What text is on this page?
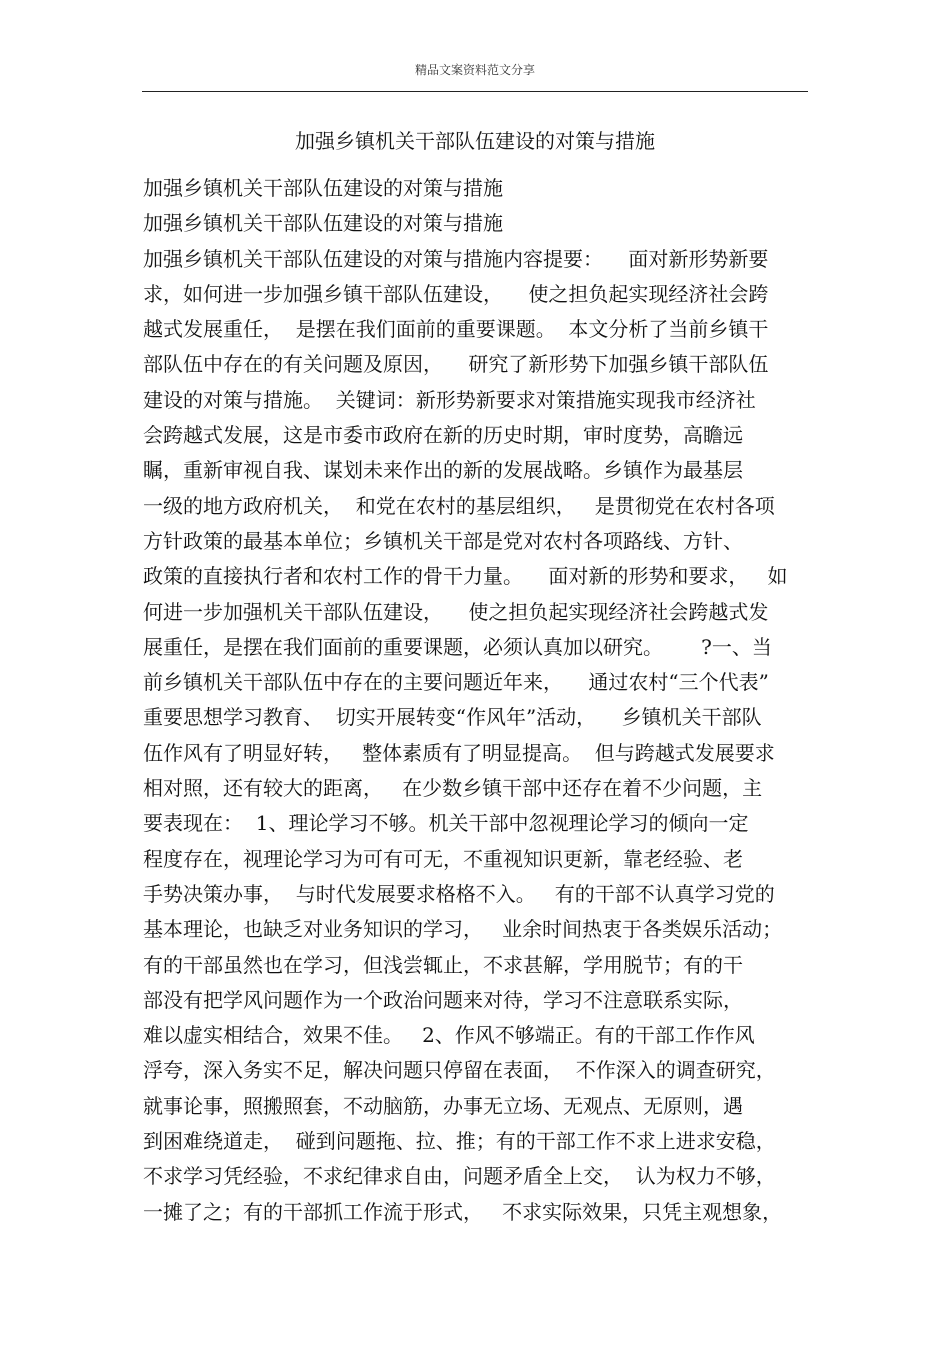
精品文案资料范文分享
加强乡镇机关干部队伍建设的对策与措施
加强乡镇机关干部队伍建设的对策与措施
加强乡镇机关干部队伍建设的对策与措施
加强乡镇机关干部队伍建设的对策与措施内容提要：    面对新形势新要
求，如何进一步加强乡镇干部队伍建设，    使之担负起实现经济社会跨
越式发展重任，  是摆在我们面前的重要课题。  本文分析了当前乡镇干
部队伍中存在的有关问题及原因，    研究了新形势下加强乡镇干部队伍
建设的对策与措施。  关键词：新形势新要求对策措施实现我市经济社
会跨越式发展，这是市委市政府在新的历史时期，审时度势，高瞻远
瞩，重新审视自我、谋划未来作出的新的发展战略。乡镇作为最基层
一级的地方政府机关，  和党在农村的基层组织，   是贯彻党在农村各项
方针政策的最基本单位；乡镇机关干部是党对农村各项路线、方针、
政策的直接执行者和农村工作的骨干力量。    面对新的形势和要求，   如
何进一步加强机关干部队伍建设，    使之担负起实现经济社会跨越式发
展重任，是摆在我们面前的重要课题，必须认真加以研究。      ?一、当
前乡镇机关干部队伍中存在的主要问题近年来，    通过农村“三个代表”
重要思想学习教育、  切实开展转变“作风年”活动，    乡镇机关干部队
伍作风有了明显好转，   整体素质有了明显提高。  但与跨越式发展要求
相对照，还有较大的距离，   在少数乡镇干部中还存在着不少问题，主
要表现在：  1、理论学习不够。机关干部中忽视理论学习的倾向一定
程度存在，视理论学习为可有可无，不重视知识更新，靠老经验、老
手势决策办事，  与时代发展要求格格不入。   有的干部不认真学习党的
基本理论，也缺乏对业务知识的学习，   业余时间热衷于各类娱乐活动；
有的干部虽然也在学习，但浅尝辄止，不求甚解，学用脱节；有的干
部没有把学风问题作为一个政治问题来对待，学习不注意联系实际，
难以虚实相结合，效果不佳。   2、作风不够端正。有的干部工作作风
浮夸，深入务实不足，解决问题只停留在表面，  不作深入的调查研究，
就事论事，照搬照套，不动脑筋，办事无立场、无观点、无原则，遇
到困难绕道走，  碰到问题拖、拉、推；有的干部工作不求上进求安稳，
不求学习凭经验，不求纪律求自由，问题矛盾全上交，  认为权力不够，
一摊了之；有的干部抓工作流于形式，   不求实际效果，只凭主观想象，
